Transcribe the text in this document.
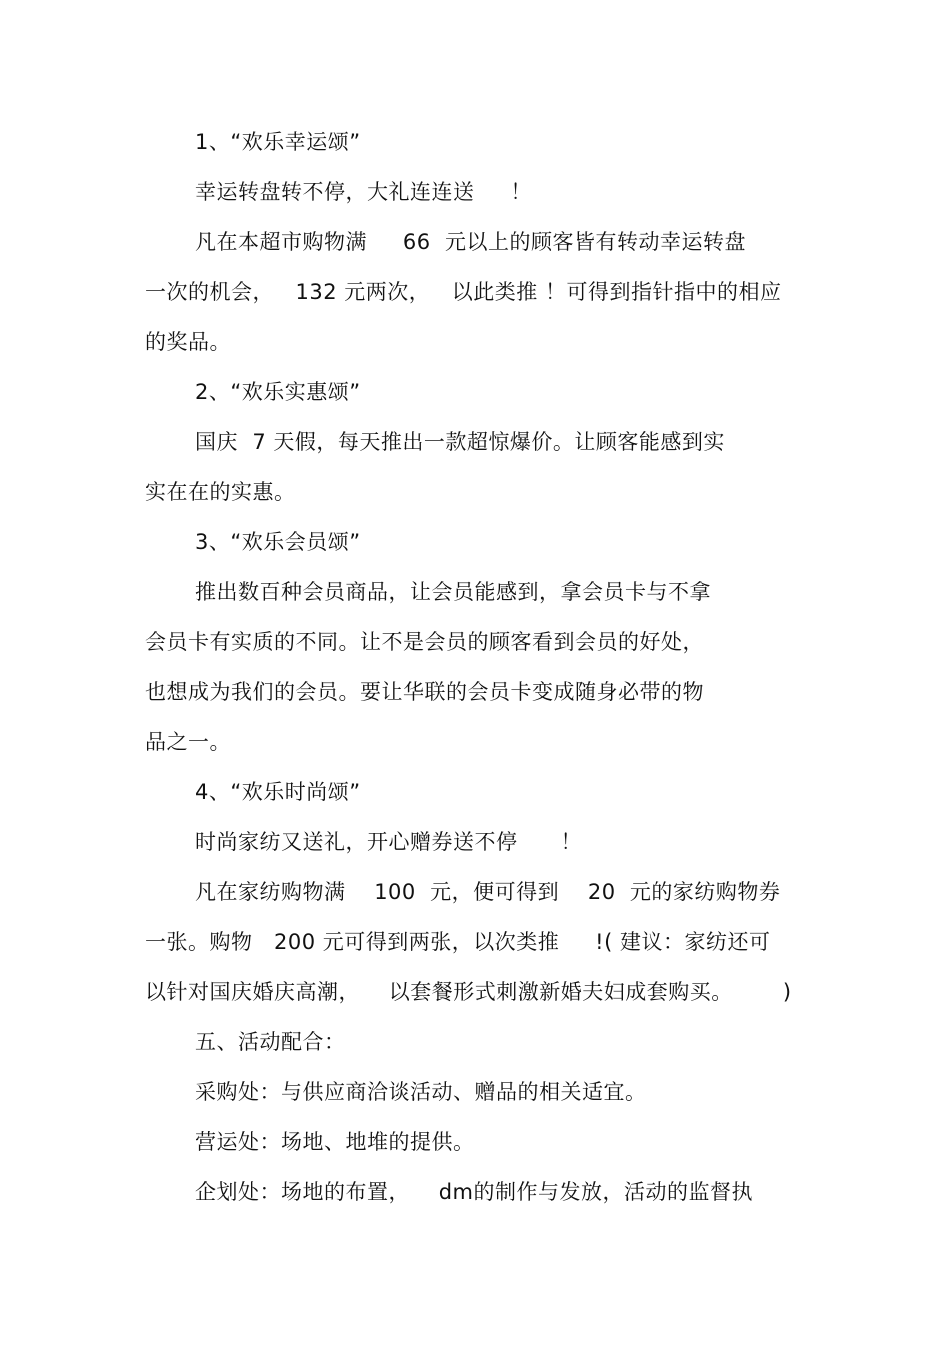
1、“欢乐幸运颂”
幸运转盘转不停，大礼连连送     ！
凡在本超市购物满     66  元以上的顾客皆有转动幸运转盘
一次的机会，   132 元两次，   以此类推 ！可得到指针指中的相应
的奖品。
2、“欢乐实惠颂”
国庆  7 天假，每天推出一款超惊爆价。让顾客能感到实
实在在的实惠。
3、“欢乐会员颂”
推出数百种会员商品，让会员能感到，拿会员卡与不拿
会员卡有实质的不同。让不是会员的顾客看到会员的好处，
也想成为我们的会员。要让华联的会员卡变成随身必带的物
品之一。
4、“欢乐时尚颂”
时尚家纺又送礼，开心赠券送不停      ！
凡在家纺购物满    100  元，便可得到    20  元的家纺购物券
一张。购物   200 元可得到两张，以次类推     !( 建议：家纺还可
以针对国庆婚庆高潮，    以套餐形式刺激新婚夫妇成套购买。       )
五、活动配合：
采购处：与供应商洽谈活动、赠品的相关适宜。
营运处：场地、地堆的提供。
企划处：场地的布置，    dm的制作与发放，活动的监督执
